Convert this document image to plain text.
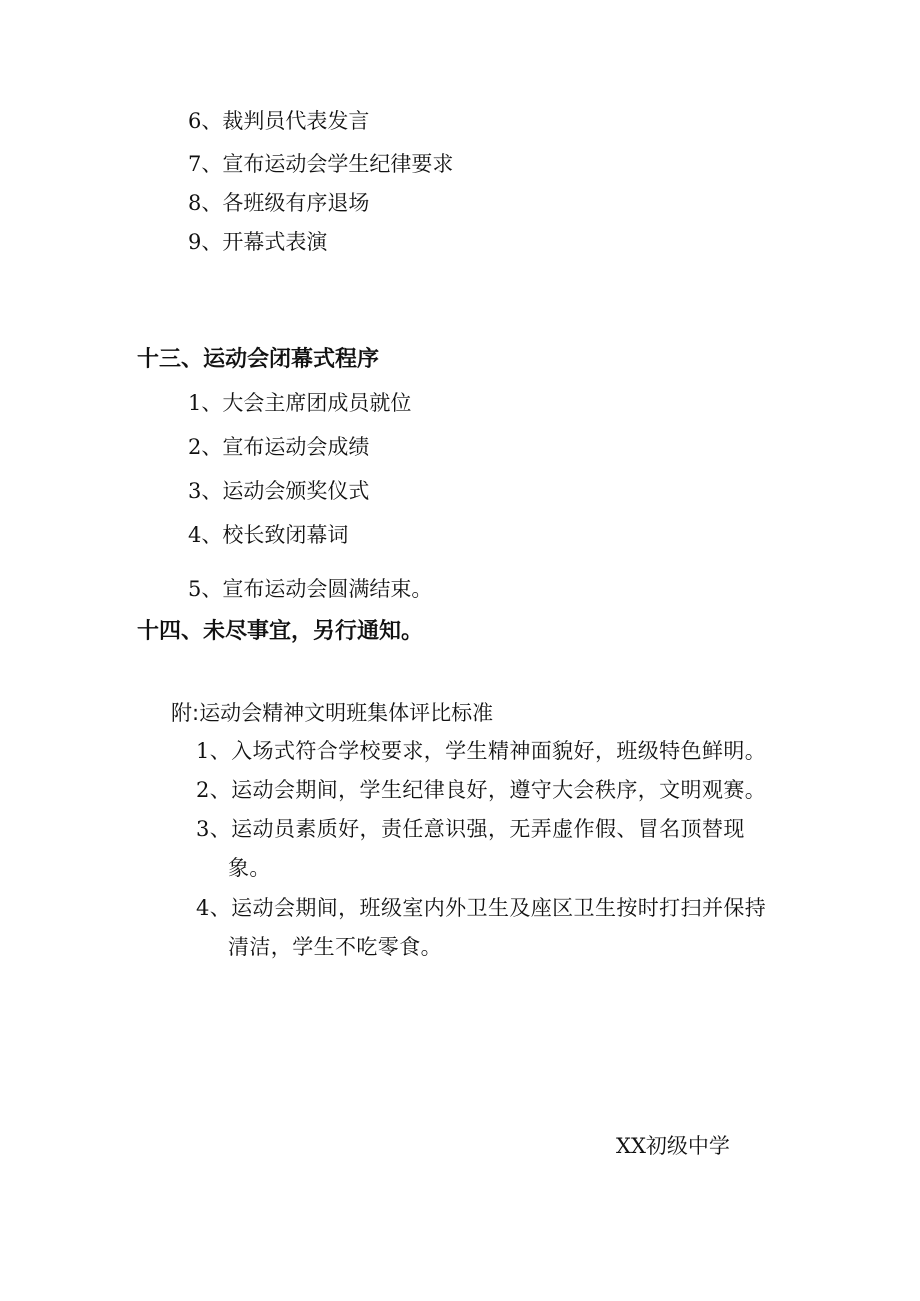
6、裁判员代表发言
7、宣布运动会学生纪律要求
8、各班级有序退场
9、开幕式表演
十三、运动会闭幕式程序
1、大会主席团成员就位
2、宣布运动会成绩
3、运动会颁奖仪式
4、校长致闭幕词
5、宣布运动会圆满结束。
十四、未尽事宜，另行通知。
附:运动会精神文明班集体评比标准
1、入场式符合学校要求，学生精神面貌好，班级特色鲜明。
2、运动会期间，学生纪律良好，遵守大会秩序，文明观赛。
3、运动员素质好，责任意识强，无弄虚作假、冒名顶替现
象。
4、运动会期间，班级室内外卫生及座区卫生按时打扫并保持
清洁，学生不吃零食。
XX初级中学
